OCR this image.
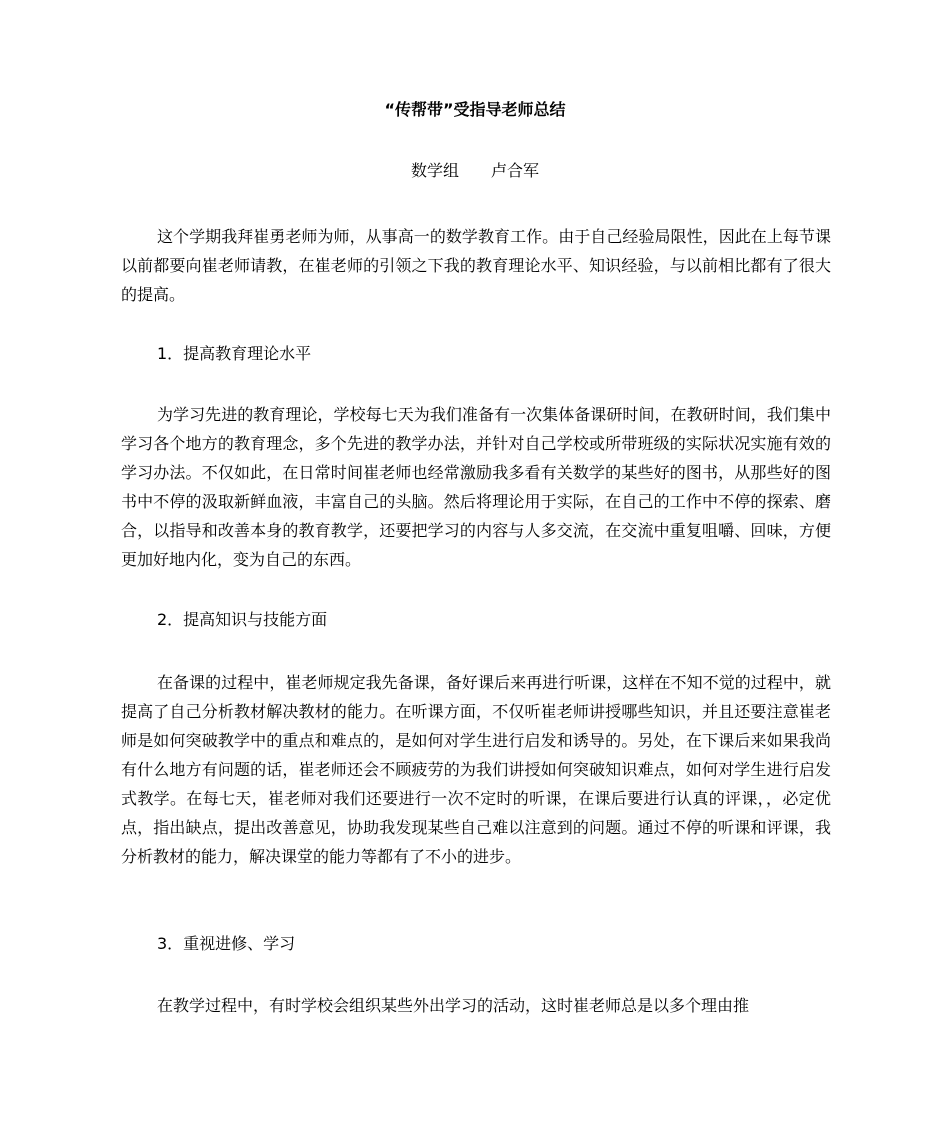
“传帮带”受指导老师总结
数学组　　卢合军

这个学期我拜崔勇老师为师，从事高一的数学教育工作。由于自己经验局限性，因此在上每节课以前都要向崔老师请教，在崔老师的引领之下我的教育理论水平、知识经验，与以前相比都有了很大的提高。

1．提高教育理论水平

为学习先进的教育理论，学校每七天为我们准备有一次集体备课研时间，在教研时间，我们集中学习各个地方的教育理念，多个先进的教学办法，并针对自己学校或所带班级的实际状况实施有效的学习办法。不仅如此，在日常时间崔老师也经常激励我多看有关数学的某些好的图书，从那些好的图书中不停的汲取新鲜血液，丰富自己的头脑。然后将理论用于实际，在自己的工作中不停的探索、磨合，以指导和改善本身的教育教学，还要把学习的内容与人多交流，在交流中重复咀嚼、回味，方便更加好地内化，变为自己的东西。

2．提高知识与技能方面

在备课的过程中，崔老师规定我先备课，备好课后来再进行听课，这样在不知不觉的过程中，就提高了自己分析教材解决教材的能力。在听课方面，不仅听崔老师讲授哪些知识，并且还要注意崔老师是如何突破教学中的重点和难点的，是如何对学生进行启发和诱导的。另处，在下课后来如果我尚有什么地方有问题的话，崔老师还会不顾疲劳的为我们讲授如何突破知识难点，如何对学生进行启发式教学。在每七天，崔老师对我们还要进行一次不定时的听课，在课后要进行认真的评课，，必定优点，指出缺点，提出改善意见，协助我发现某些自己难以注意到的问题。通过不停的听课和评课，我分析教材的能力，解决课堂的能力等都有了不小的进步。

3．重视进修、学习

在教学过程中，有时学校会组织某些外出学习的活动，这时崔老师总是以多个理由推
